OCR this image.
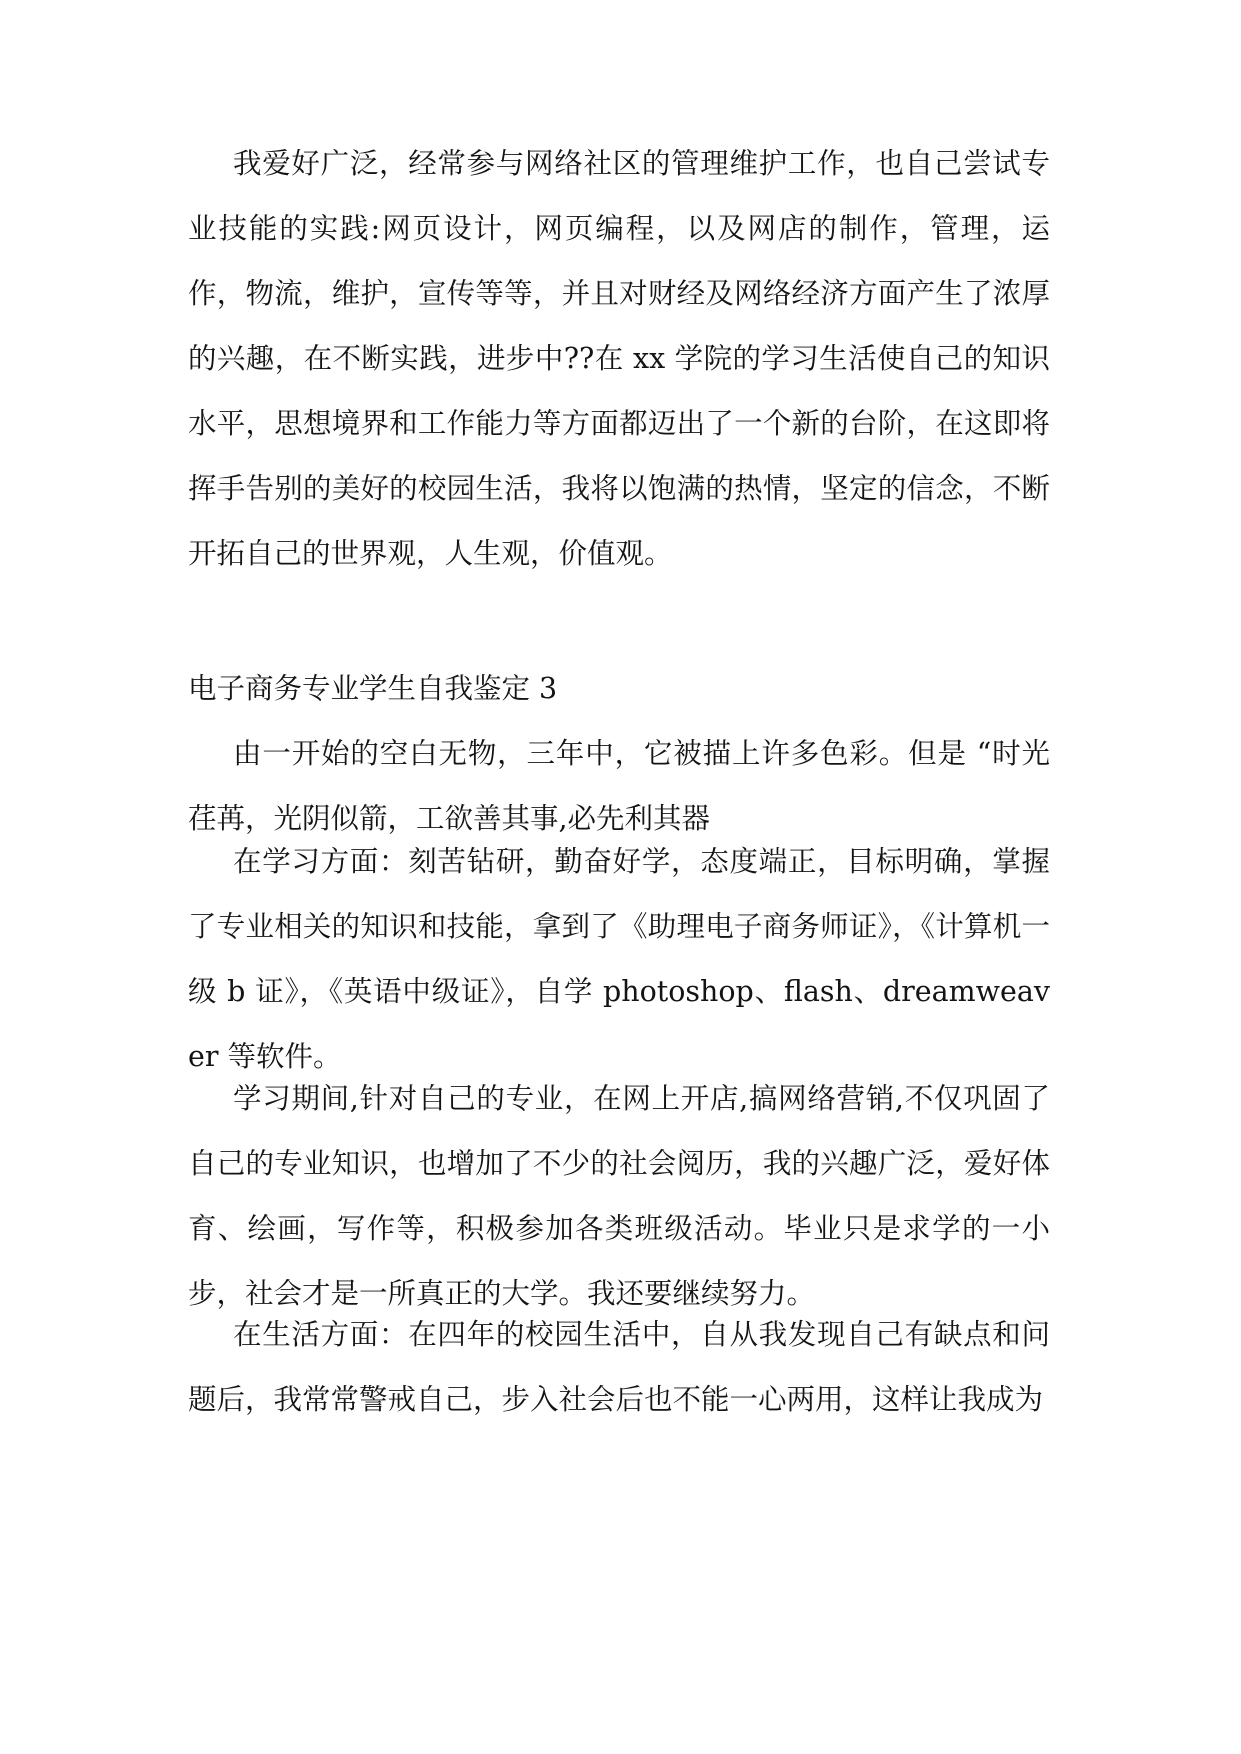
我爱好广泛，经常参与网络社区的管理维护工作，也自己尝试专业技能的实践:网页设计，网页编程，以及网店的制作，管理，运作，物流，维护，宣传等等，并且对财经及网络经济方面产生了浓厚的兴趣，在不断实践，进步中??在 xx 学院的学习生活使自己的知识水平，思想境界和工作能力等方面都迈出了一个新的台阶，在这即将挥手告别的美好的校园生活，我将以饱满的热情，坚定的信念，不断开拓自己的世界观，人生观，价值观。

电子商务专业学生自我鉴定 3

由一开始的空白无物，三年中，它被描上许多色彩。但是 “时光荏苒，光阴似箭，工欲善其事,必先利其器

在学习方面：刻苦钻研，勤奋好学，态度端正，目标明确，掌握了专业相关的知识和技能，拿到了《助理电子商务师证》，《计算机一级 b 证》，《英语中级证》，自学 photoshop、flash、dreamweaver 等软件。

学习期间,针对自己的专业，在网上开店,搞网络营销,不仅巩固了自己的专业知识，也增加了不少的社会阅历，我的兴趣广泛，爱好体育、绘画，写作等，积极参加各类班级活动。毕业只是求学的一小步，社会才是一所真正的大学。我还要继续努力。

在生活方面：在四年的校园生活中，自从我发现自己有缺点和问题后，我常常警戒自己，步入社会后也不能一心两用，这样让我成为
